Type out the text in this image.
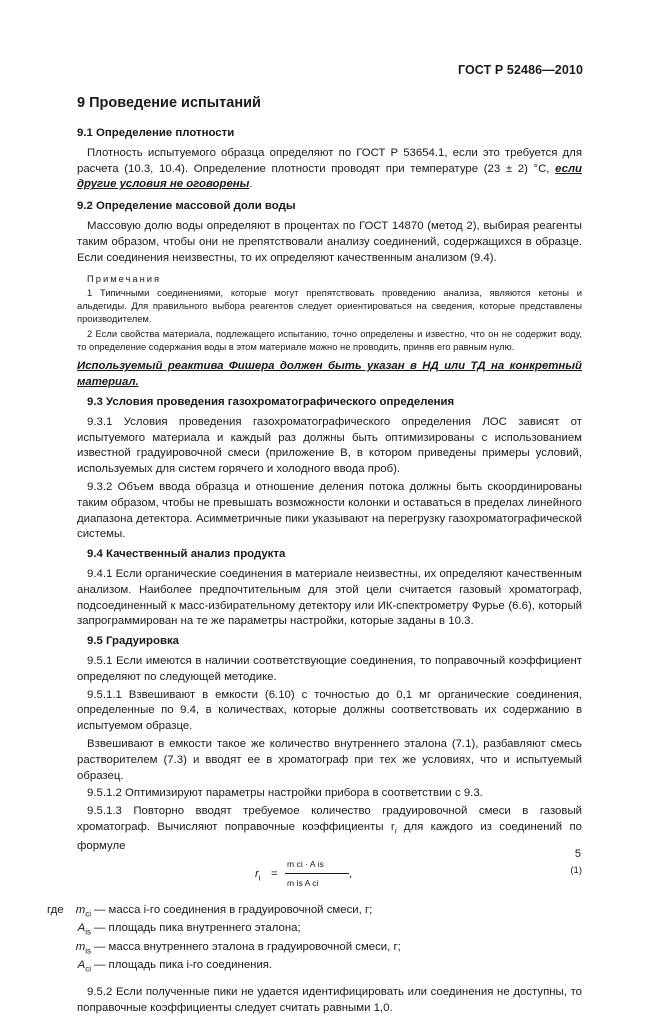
ГОСТ Р 52486—2010
9 Проведение испытаний
9.1 Определение плотности
Плотность испытуемого образца определяют по ГОСТ Р 53654.1, если это требуется для расчета (10.3, 10.4). Определение плотности проводят при температуре (23 ± 2) °С, если другие условия не оговорены.
9.2 Определение массовой доли воды
Массовую долю воды определяют в процентах по ГОСТ 14870 (метод 2), выбирая реагенты таким образом, чтобы они не препятствовали анализу соединений, содержащихся в образце. Если соединения неизвестны, то их определяют качественным анализом (9.4).
Примечания
1 Типичными соединениями, которые могут препятствовать проведению анализа, являются кетоны и альдегиды. Для правильного выбора реагентов следует ориентироваться на сведения, которые представлены производителем.
2 Если свойства материала, подлежащего испытанию, точно определены и известно, что он не содержит воду, то определение содержания воды в этом материале можно не проводить, приняв его равным нулю.
Используемый реактива Фишера должен быть указан в НД или ТД на конкретный материал.
9.3 Условия проведения газохроматографического определения
9.3.1 Условия проведения газохроматографического определения ЛОС зависят от испытуемого материала и каждый раз должны быть оптимизированы с использованием известной градуировочной смеси (приложение В, в котором приведены примеры условий, используемых для систем горячего и холодного ввода проб).
9.3.2 Объем ввода образца и отношение деления потока должны быть скоординированы таким образом, чтобы не превышать возможности колонки и оставаться в пределах линейного диапазона детектора. Асимметричные пики указывают на перегрузку газохроматографической системы.
9.4 Качественный анализ продукта
9.4.1 Если органические соединения в материале неизвестны, их определяют качественным анализом. Наиболее предпочтительным для этой цели считается газовый хроматограф, подсоединенный к масс-избирательному детектору или ИК-спектрометру Фурье (6.6), который запрограммирован на те же параметры настройки, которые заданы в 10.3.
9.5 Градуировка
9.5.1 Если имеются в наличии соответствующие соединения, то поправочный коэффициент определяют по следующей методике.
9.5.1.1 Взвешивают в емкости (6.10) с точностью до 0,1 мг органические соединения, определенные по 9.4, в количествах, которые должны соответствовать их содержанию в испытуемом образце.
Взвешивают в емкости такое же количество внутреннего эталона (7.1), разбавляют смесь растворителем (7.3) и вводят ее в хроматограф при тех же условиях, что и испытуемый образец.
9.5.1.2 Оптимизируют параметры настройки прибора в соответствии с 9.3.
9.5.1.3 Повторно вводят требуемое количество градуировочной смеси в газовый хроматограф. Вычисляют поправочные коэффициенты $r_i$ для каждого из соединений по формуле
$r_i$ =
m ci · A is
m is A ci
,	(1)
где	$m_{ci}$ — масса i-го соединения в градуировочной смеси, г;
$A_{is}$ — площадь пика внутреннего эталона;
$m_{is}$ — масса внутреннего эталона в градуировочной смеси, г;
$A_{ci}$ — площадь пика i-го соединения.
9.5.2 Если полученные пики не удается идентифицировать или соединения не доступны, то поправочные коэффициенты следует считать равными 1,0.
5
